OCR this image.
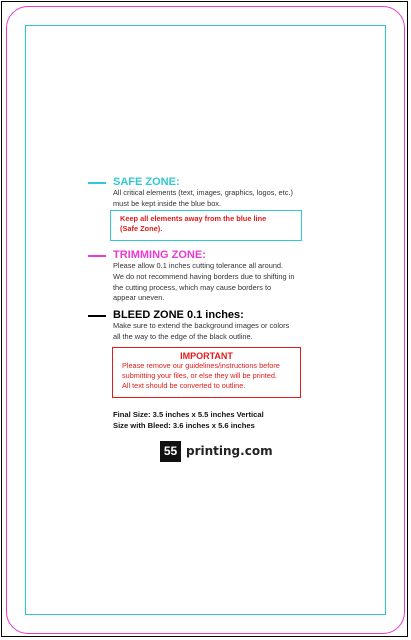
SAFE ZONE:
All critical elements (text, images, graphics, logos, etc.)
must be kept inside the blue box.
Keep all elements away from the blue line
(Safe Zone).
TRIMMING ZONE:
Please allow 0.1 inches cutting tolerance all around.
We do not recommend having borders due to shifting in
the cutting process, which may cause borders to
appear uneven.
BLEED ZONE 0.1 inches:
Make sure to extend the background images or colors
all the way to the edge of the black outline.
IMPORTANT
Please remove our guidelines/instructions before
submitting your files, or else they will be printed.
All text should be converted to outline.
Final Size: 3.5 inches x 5.5 inches Vertical
Size with Bleed: 3.6 inches x 5.6 inches
55 printing.com
